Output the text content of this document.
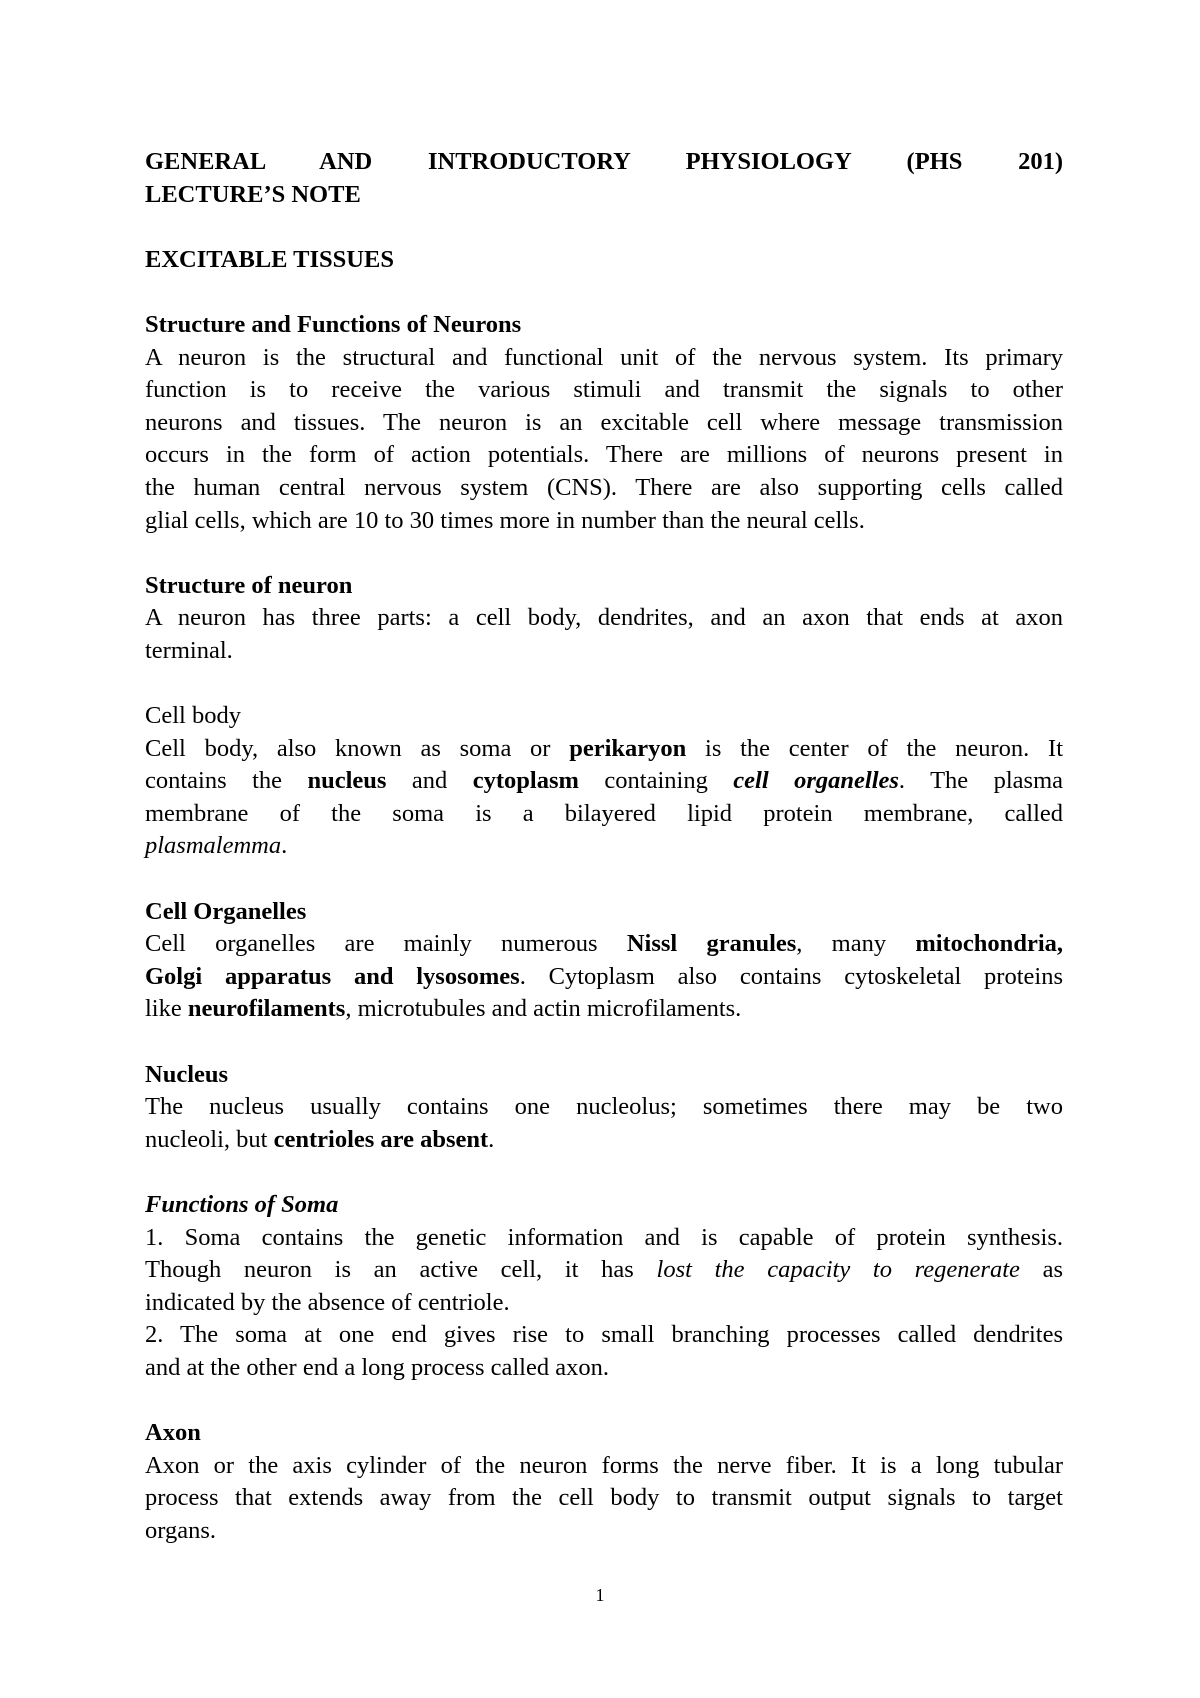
GENERAL AND INTRODUCTORY PHYSIOLOGY (PHS 201)
LECTURE’S NOTE

EXCITABLE TISSUES

Structure and Functions of Neurons
A neuron is the structural and functional unit of the nervous system. Its primary
function is to receive the various stimuli and transmit the signals to other
neurons and tissues. The neuron is an excitable cell where message transmission
occurs in the form of action potentials. There are millions of neurons present in
the human central nervous system (CNS). There are also supporting cells called
glial cells, which are 10 to 30 times more in number than the neural cells.

Structure of neuron
A neuron has three parts: a cell body, dendrites, and an axon that ends at axon
terminal.

Cell body
Cell body, also known as soma or perikaryon is the center of the neuron. It
contains the nucleus and cytoplasm containing cell organelles. The plasma
membrane of the soma is a bilayered lipid protein membrane, called
plasmalemma.

Cell Organelles
Cell organelles are mainly numerous Nissl granules, many mitochondria,
Golgi apparatus and lysosomes. Cytoplasm also contains cytoskeletal proteins
like neurofilaments, microtubules and actin microfilaments.

Nucleus
The nucleus usually contains one nucleolus; sometimes there may be two
nucleoli, but centrioles are absent.

Functions of Soma
1. Soma contains the genetic information and is capable of protein synthesis.
Though neuron is an active cell, it has lost the capacity to regenerate as
indicated by the absence of centriole.
2. The soma at one end gives rise to small branching processes called dendrites
and at the other end a long process called axon.

Axon
Axon or the axis cylinder of the neuron forms the nerve fiber. It is a long tubular
process that extends away from the cell body to transmit output signals to target
organs.

1
